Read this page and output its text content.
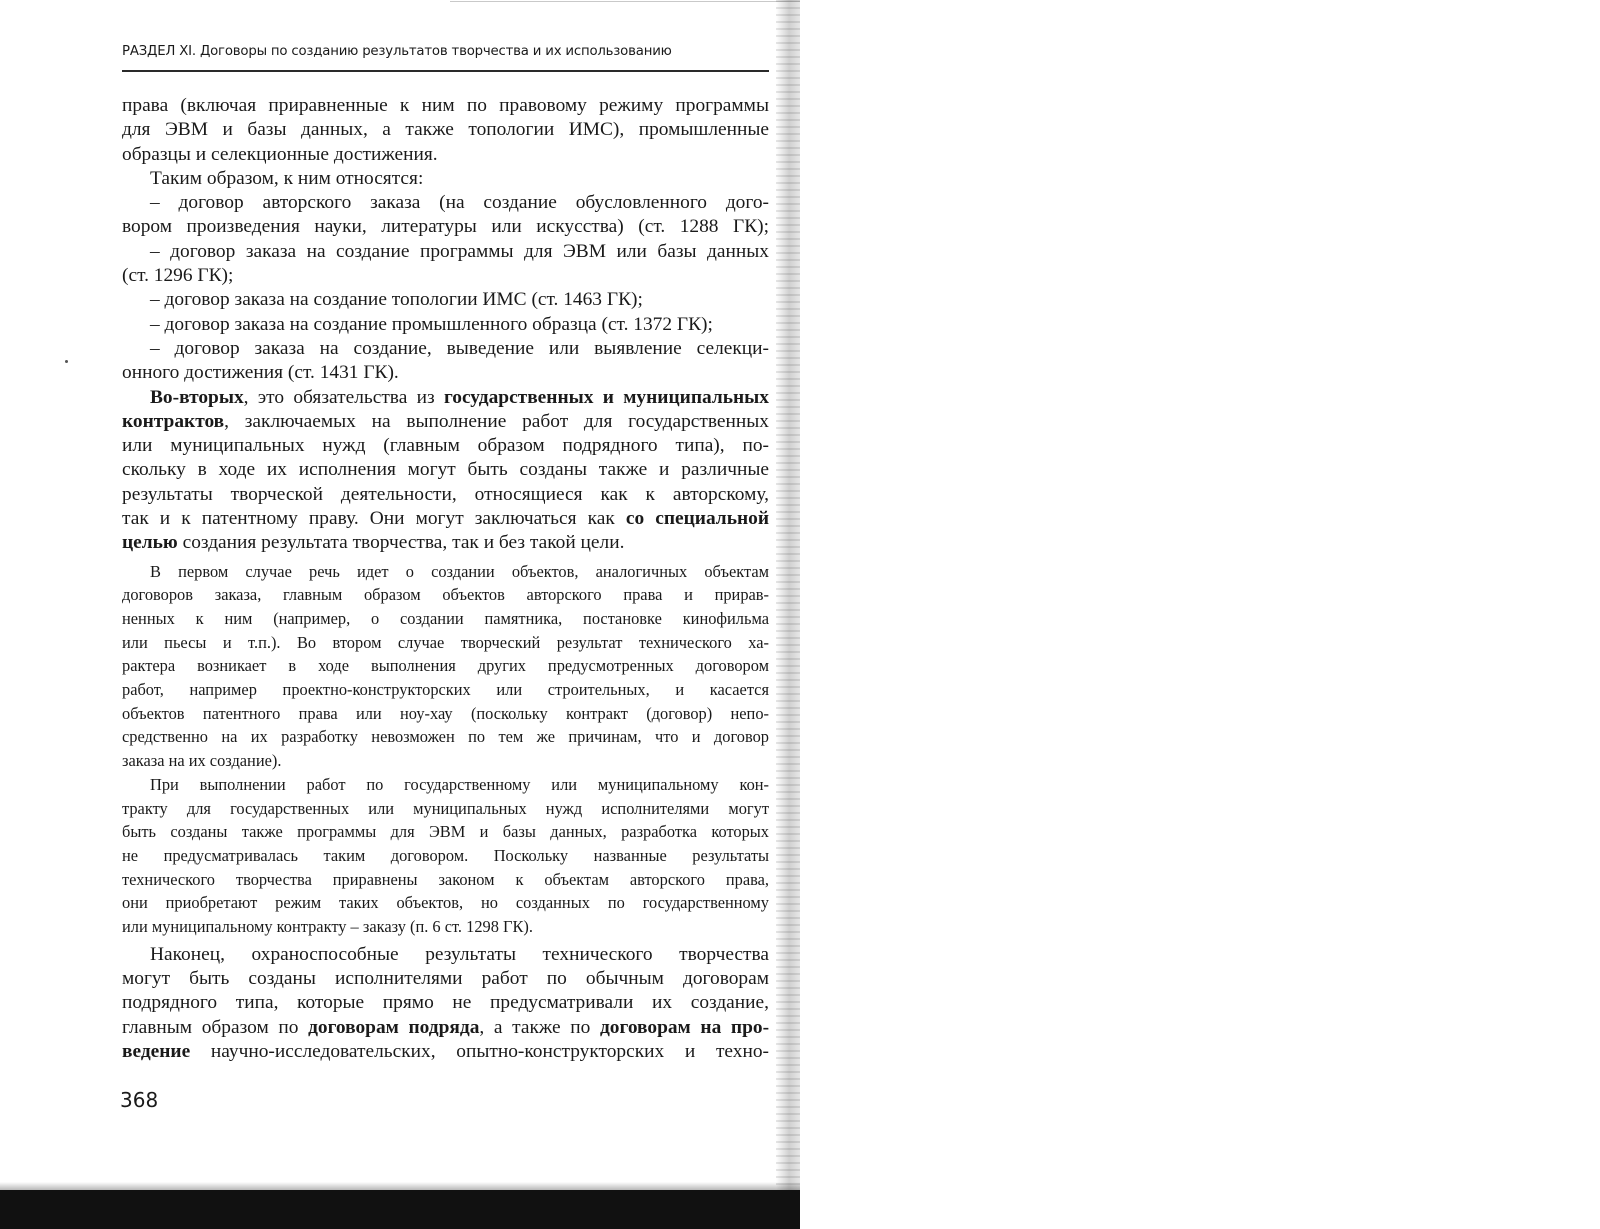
РАЗДЕЛ XI. Договоры по созданию результатов творчества и их использованию
права (включая приравненные к ним по правовому режиму программы
для ЭВМ и базы данных, а также топологии ИМС), промышленные
образцы и селекционные достижения.
Таким образом, к ним относятся:
– договор авторского заказа (на создание обусловленного дого-
вором произведения науки, литературы или искусства) (ст. 1288 ГК);
– договор заказа на создание программы для ЭВМ или базы данных
(ст. 1296 ГК);
– договор заказа на создание топологии ИМС (ст. 1463 ГК);
– договор заказа на создание промышленного образца (ст. 1372 ГК);
– договор заказа на создание, выведение или выявление селекци-
онного достижения (ст. 1431 ГК).
Во-вторых, это обязательства из государственных и муниципальных
контрактов, заключаемых на выполнение работ для государственных
или муниципальных нужд (главным образом подрядного типа), по-
скольку в ходе их исполнения могут быть созданы также и различные
результаты творческой деятельности, относящиеся как к авторскому,
так и к патентному праву. Они могут заключаться как со специальной
целью создания результата творчества, так и без такой цели.
В первом случае речь идет о создании объектов, аналогичных объектам
договоров заказа, главным образом объектов авторского права и прирав-
ненных к ним (например, о создании памятника, постановке кинофильма
или пьесы и т.п.). Во втором случае творческий результат технического ха-
рактера возникает в ходе выполнения других предусмотренных договором
работ, например проектно-конструкторских или строительных, и касается
объектов патентного права или ноу-хау (поскольку контракт (договор) непо-
средственно на их разработку невозможен по тем же причинам, что и договор
заказа на их создание).
При выполнении работ по государственному или муниципальному кон-
тракту для государственных или муниципальных нужд исполнителями могут
быть созданы также программы для ЭВМ и базы данных, разработка которых
не предусматривалась таким договором. Поскольку названные результаты
технического творчества приравнены законом к объектам авторского права,
они приобретают режим таких объектов, но созданных по государственному
или муниципальному контракту – заказу (п. 6 ст. 1298 ГК).
Наконец, охраноспособные результаты технического творчества
могут быть созданы исполнителями работ по обычным договорам
подрядного типа, которые прямо не предусматривали их создание,
главным образом по договорам подряда, а также по договорам на про-
ведение научно-исследовательских, опытно-конструкторских и техно-
368
